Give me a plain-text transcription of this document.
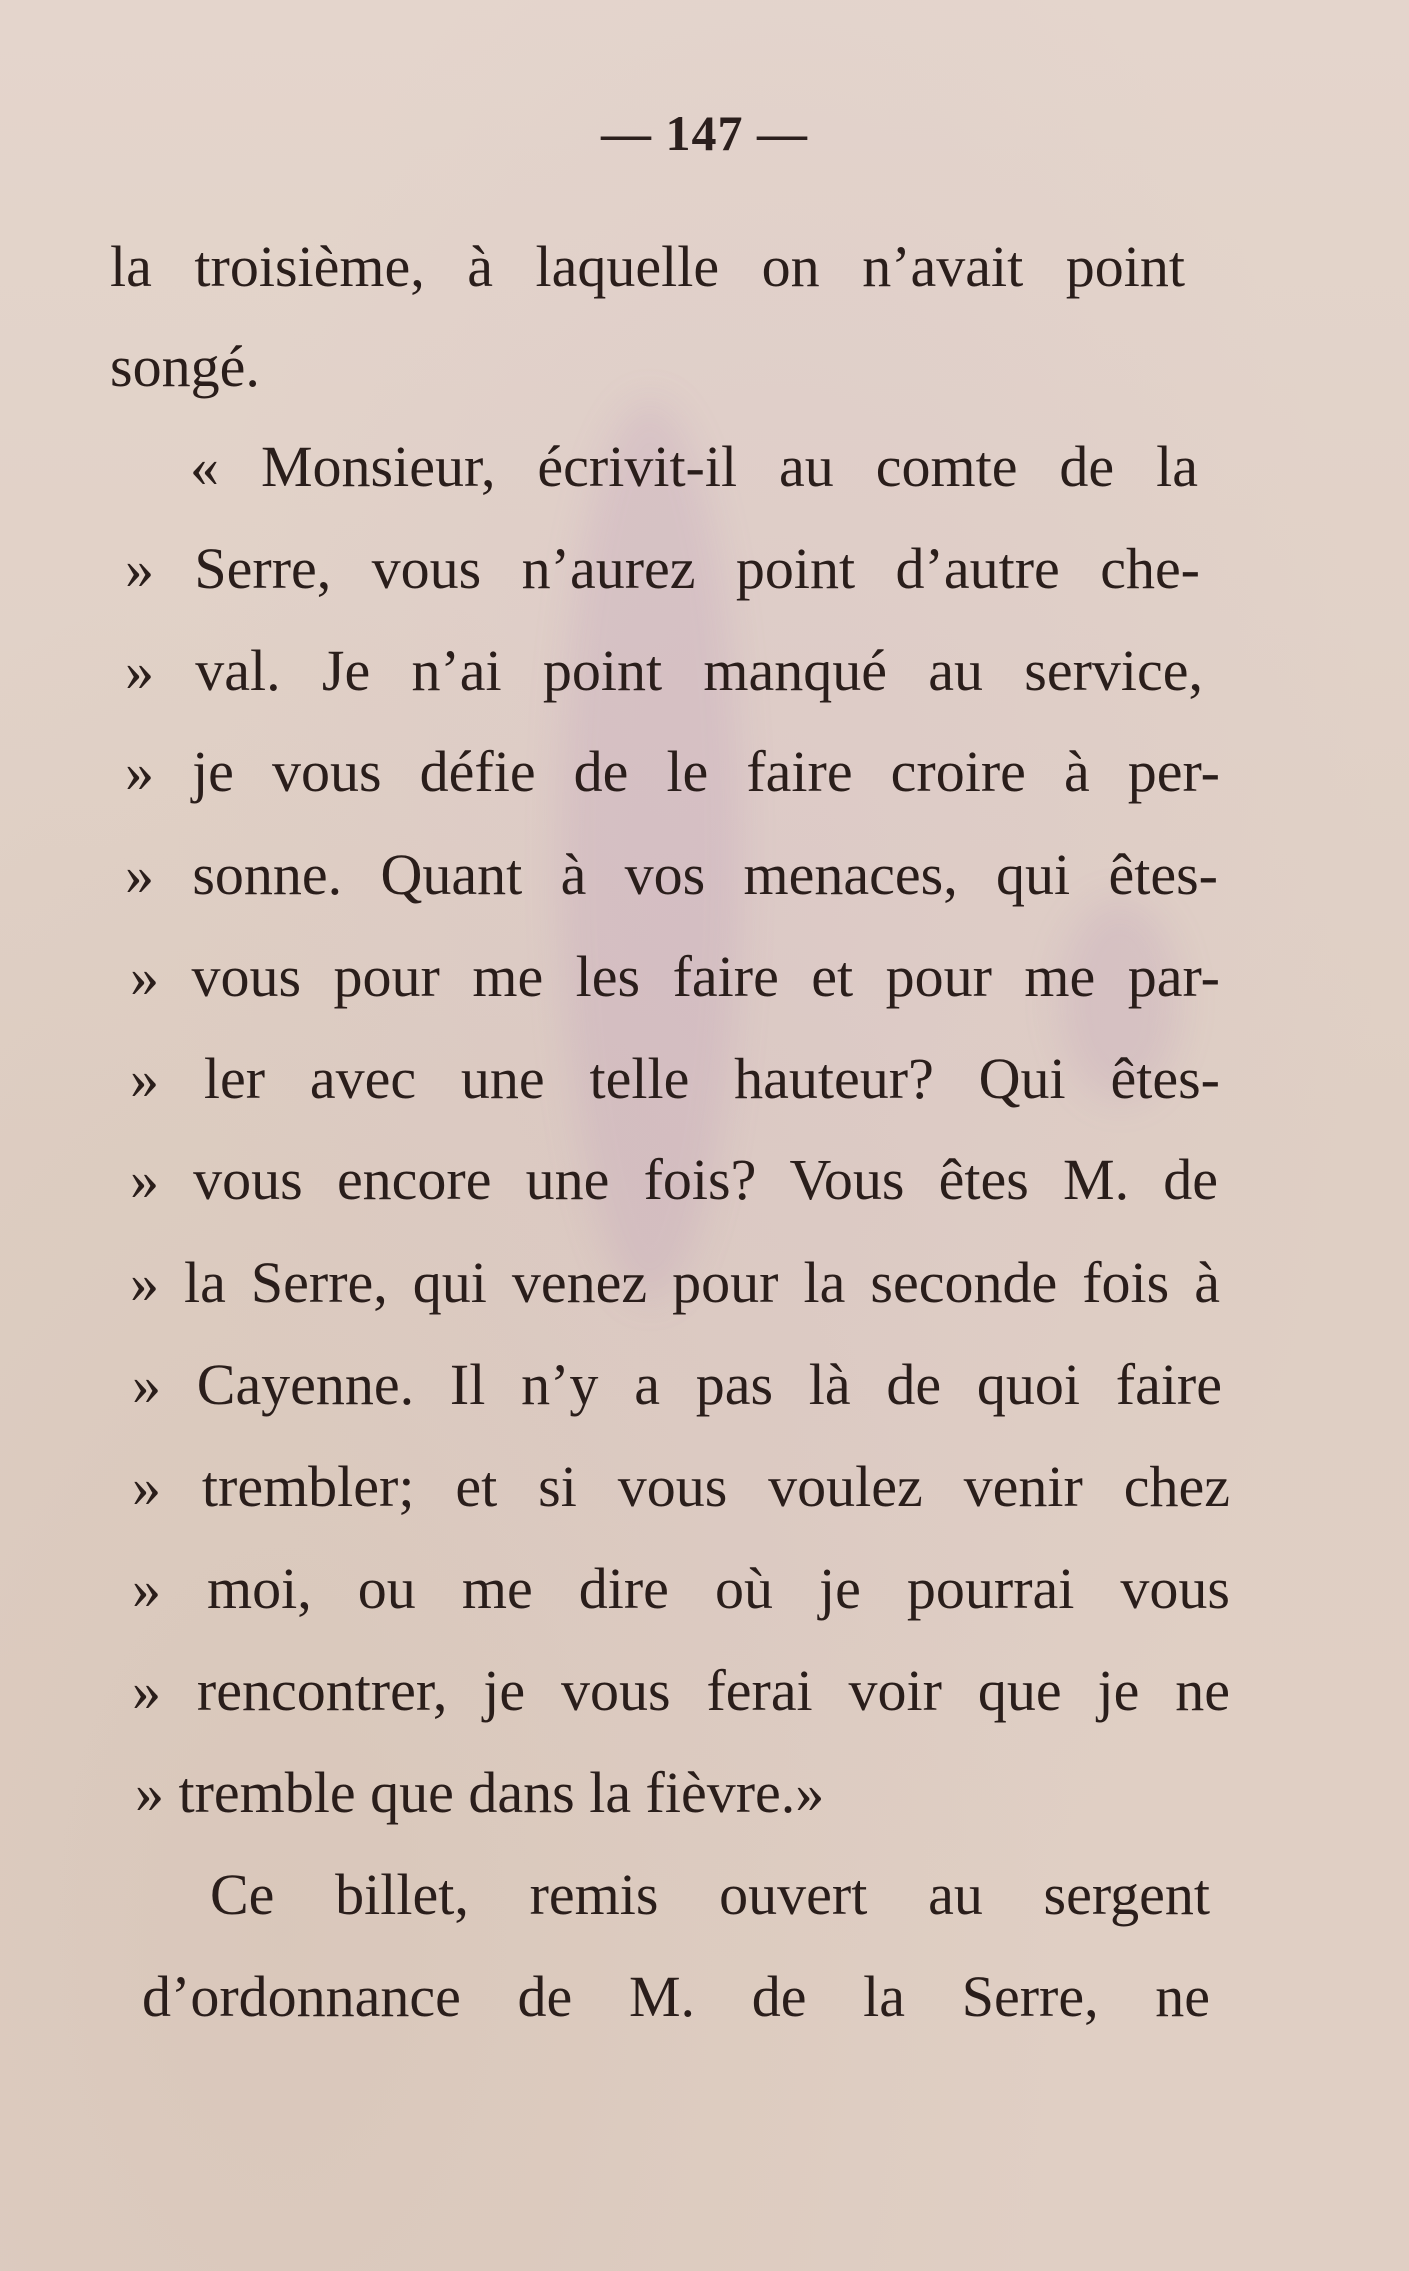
— 147 —
la troisième, à laquelle on n’avait point
songé.
« Monsieur, écrivit-il au comte de la
» Serre, vous n’aurez point d’autre che-
» val. Je n’ai point manqué au service,
» je vous défie de le faire croire à per-
» sonne. Quant à vos menaces, qui êtes-
» vous pour me les faire et pour me par-
» ler avec une telle hauteur? Qui êtes-
» vous encore une fois? Vous êtes M. de
» la Serre, qui venez pour la seconde fois à
» Cayenne. Il n’y a pas là de quoi faire
» trembler; et si vous voulez venir chez
» moi, ou me dire où je pourrai vous
» rencontrer, je vous ferai voir que je ne
» tremble que dans la fièvre.»
Ce billet, remis ouvert au sergent
d’ordonnance de M. de la Serre, ne
